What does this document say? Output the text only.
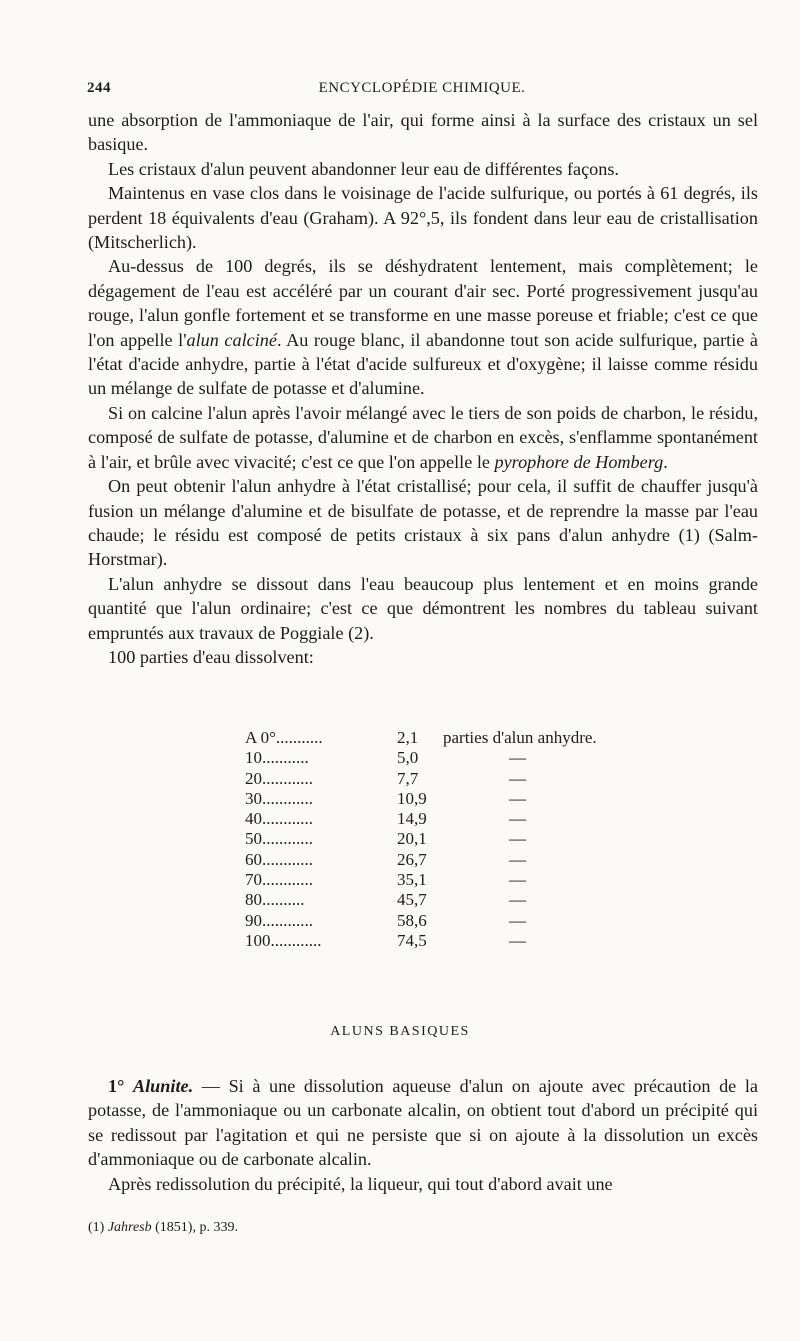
244	ENCYCLOPÉDIE CHIMIQUE.

une absorption de l'ammoniaque de l'air, qui forme ainsi à la surface des cristaux un sel basique.

Les cristaux d'alun peuvent abandonner leur eau de différentes façons.

Maintenus en vase clos dans le voisinage de l'acide sulfurique, ou portés à 61 degrés, ils perdent 18 équivalents d'eau (Graham). A 92°,5, ils fondent dans leur eau de cristallisation (Mitscherlich).

Au-dessus de 100 degrés, ils se déshydratent lentement, mais complètement; le dégagement de l'eau est accéléré par un courant d'air sec. Porté progressivement jusqu'au rouge, l'alun gonfle fortement et se transforme en une masse poreuse et friable; c'est ce que l'on appelle l'alun calciné. Au rouge blanc, il abandonne tout son acide sulfurique, partie à l'état d'acide anhydre, partie à l'état d'acide sulfureux et d'oxygène; il laisse comme résidu un mélange de sulfate de potasse et d'alumine.

Si on calcine l'alun après l'avoir mélangé avec le tiers de son poids de charbon, le résidu, composé de sulfate de potasse, d'alumine et de charbon en excès, s'enflamme spontanément à l'air, et brûle avec vivacité; c'est ce que l'on appelle le pyrophore de Homberg.

On peut obtenir l'alun anhydre à l'état cristallisé; pour cela, il suffit de chauffer jusqu'à fusion un mélange d'alumine et de bisulfate de potasse, et de reprendre la masse par l'eau chaude; le résidu est composé de petits cristaux à six pans d'alun anhydre (1) (Salm-Horstmar).

L'alun anhydre se dissout dans l'eau beaucoup plus lentement et en moins grande quantité que l'alun ordinaire; c'est ce que démontrent les nombres du tableau suivant empruntés aux travaux de Poggiale (2).

100 parties d'eau dissolvent:

A 0°...........	2,1 parties d'alun anhydre.
10...........	5,0	—
20............	7,7	—
30............	10,9	—
40............	14,9	—
50............	20,1	—
60............	26,7	—
70............	35,1	—
80..........	45,7	—
90............	58,6	—
100............	74,5	—
ALUNS BASIQUES

1° Alunite. — Si à une dissolution aqueuse d'alun on ajoute avec précaution de la potasse, de l'ammoniaque ou un carbonate alcalin, on obtient tout d'abord un précipité qui se redissout par l'agitation et qui ne persiste que si on ajoute à la dissolution un excès d'ammoniaque ou de carbonate alcalin.

Après redissolution du précipité, la liqueur, qui tout d'abord avait une

(1) Jahresb (1851), p. 339.
